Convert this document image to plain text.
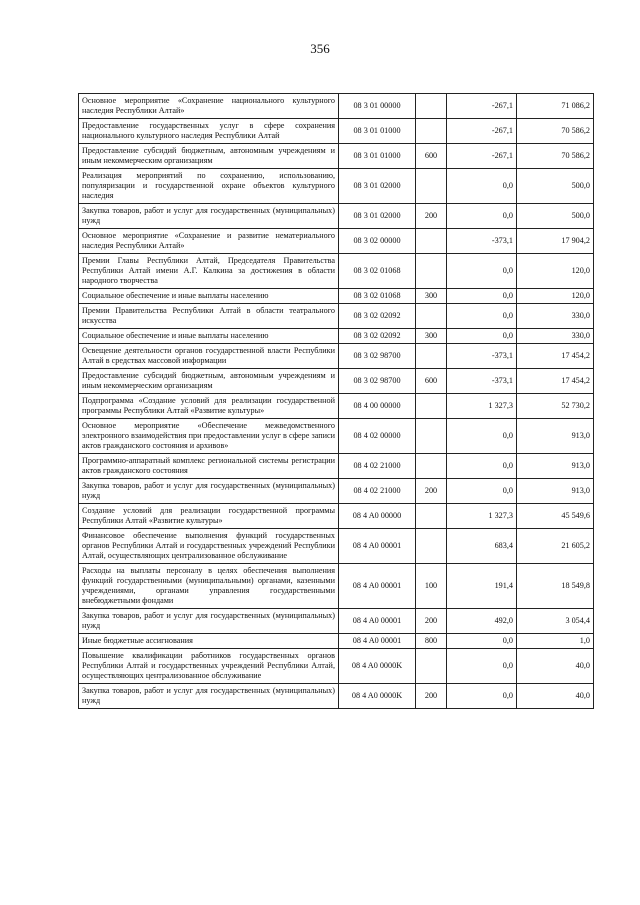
356
Основное мероприятие «Сохранение национального культурного наследия Республики Алтай»	08 3 01 00000		-267,1	71 086,2
Предоставление государственных услуг в сфере сохранения национального культурного наследия Республики Алтай	08 3 01 01000		-267,1	70 586,2
Предоставление субсидий бюджетным, автономным учреждениям и иным некоммерческим организациям	08 3 01 01000	600	-267,1	70 586,2
Реализация мероприятий по сохранению, использованию, популяризации и государственной охране объектов культурного наследия	08 3 01 02000		0,0	500,0
Закупка товаров, работ и услуг для государственных (муниципальных) нужд	08 3 01 02000	200	0,0	500,0
Основное мероприятие «Сохранение и развитие нематериального наследия Республики Алтай»	08 3 02 00000		-373,1	17 904,2
Премии Главы Республики Алтай, Председателя Правительства Республики Алтай имени А.Г. Калкина за достижения в области народного творчества	08 3 02 01068		0,0	120,0
Социальное обеспечение и иные выплаты населению	08 3 02 01068	300	0,0	120,0
Премии Правительства Республики Алтай в области театрального искусства	08 3 02 02092		0,0	330,0
Социальное обеспечение и иные выплаты населению	08 3 02 02092	300	0,0	330,0
Освещение деятельности органов государственной власти Республики Алтай в средствах массовой информации	08 3 02 98700		-373,1	17 454,2
Предоставление субсидий бюджетным, автономным учреждениям и иным некоммерческим организациям	08 3 02 98700	600	-373,1	17 454,2
Подпрограмма «Создание условий для реализации государственной программы Республики Алтай «Развитие культуры»	08 4 00 00000		1 327,3	52 730,2
Основное мероприятие «Обеспечение межведомственного электронного взаимодействия при предоставлении услуг в сфере записи актов гражданского состояния и архивов»	08 4 02 00000		0,0	913,0
Программно-аппаратный комплекс региональной системы регистрации актов гражданского состояния	08 4 02 21000		0,0	913,0
Закупка товаров, работ и услуг для государственных (муниципальных) нужд	08 4 02 21000	200	0,0	913,0
Создание условий для реализации государственной программы Республики Алтай «Развитие культуры»	08 4 A0 00000		1 327,3	45 549,6
Финансовое обеспечение выполнения функций государственных органов Республики Алтай и государственных учреждений Республики Алтай, осуществляющих централизованное обслуживание	08 4 A0 00001		683,4	21 605,2
Расходы на выплаты персоналу в целях обеспечения выполнения функций государственными (муниципальными) органами, казенными учреждениями, органами управления государственными внебюджетными фондами	08 4 A0 00001	100	191,4	18 549,8
Закупка товаров, работ и услуг для государственных (муниципальных) нужд	08 4 A0 00001	200	492,0	3 054,4
Иные бюджетные ассигнования	08 4 A0 00001	800	0,0	1,0
Повышение квалификации работников государственных органов Республики Алтай и государственных учреждений Республики Алтай, осуществляющих централизованное обслуживание	08 4 A0 0000K		0,0	40,0
Закупка товаров, работ и услуг для государственных (муниципальных) нужд	08 4 A0 0000K	200	0,0	40,0
